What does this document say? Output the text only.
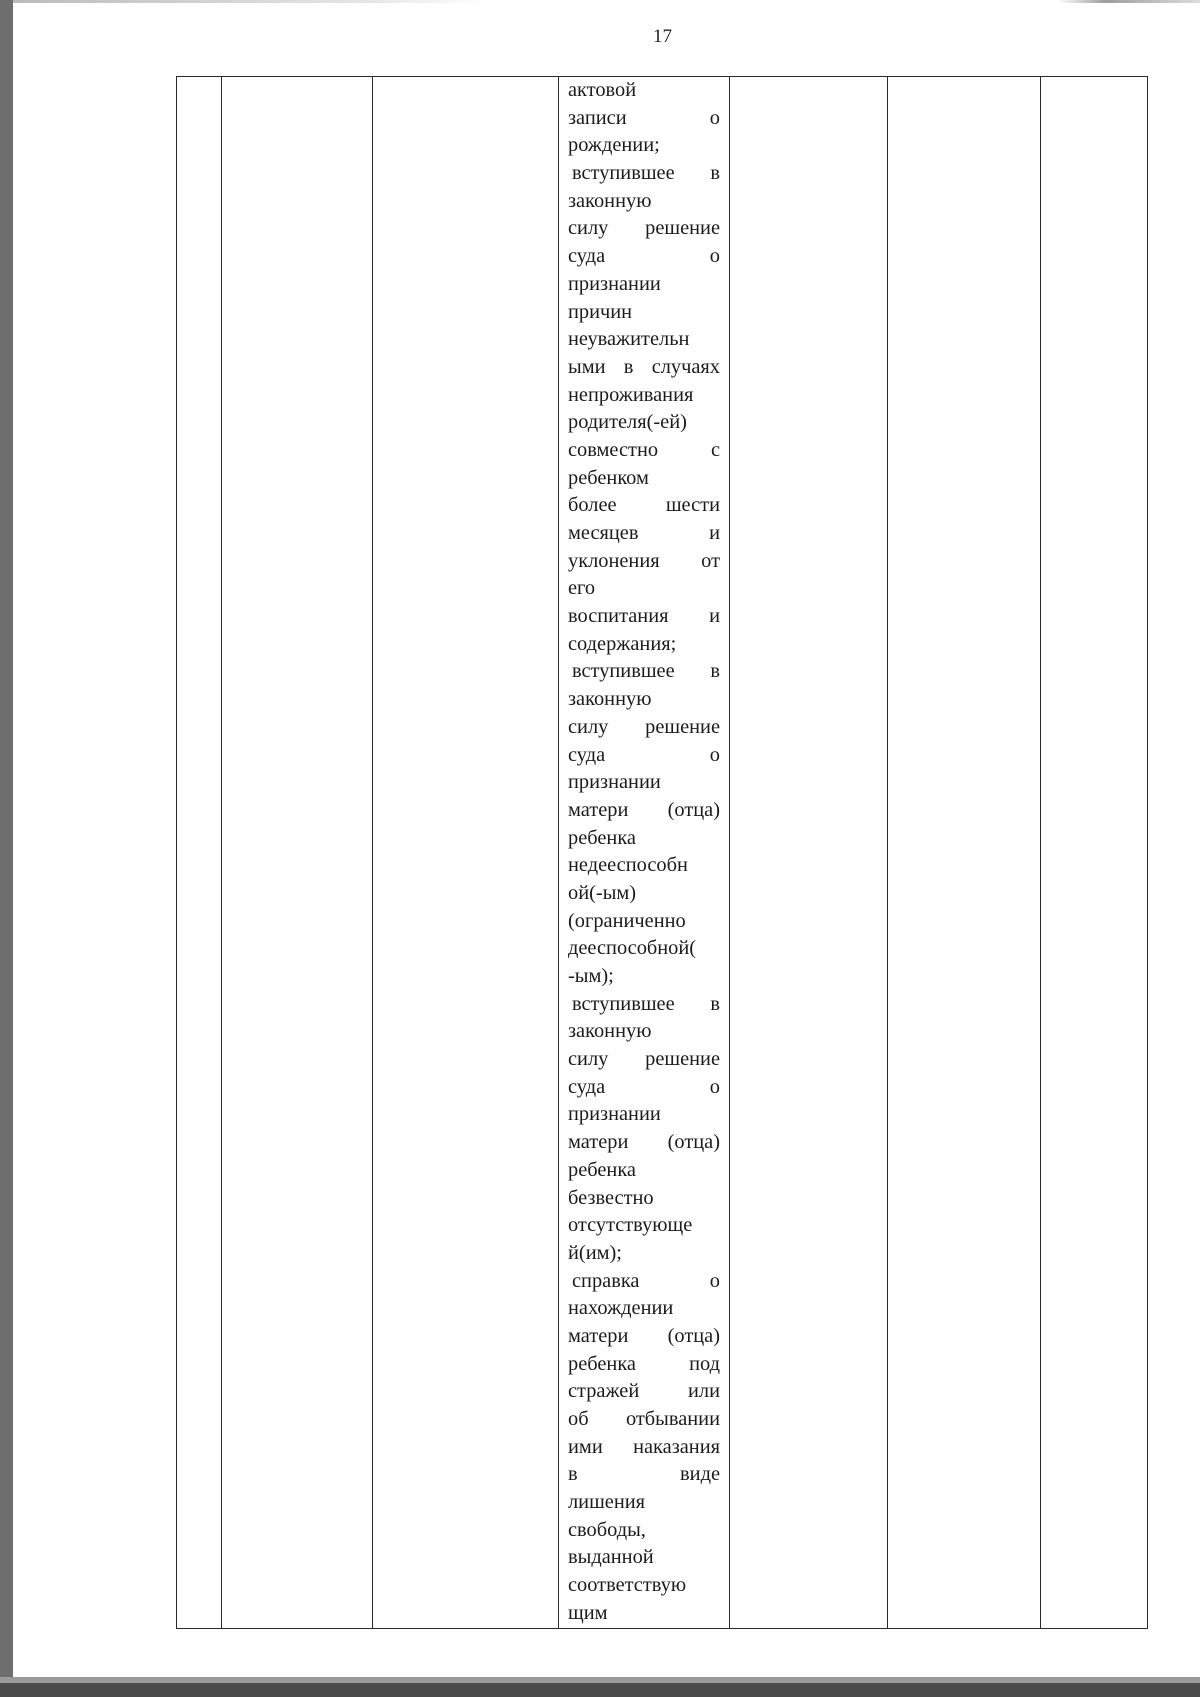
17

актовой
записи	о
рождении;
вступившее в
законную
силу решение
суда	о
признании
причин
неуважительн
ыми в случаях
непроживания
родителя(-ей)
совместно	с
ребенком
более шести
месяцев	и
уклонения от
его
воспитания и
содержания;
вступившее в
законную
силу решение
суда	о
признании
матери (отца)
ребенка
недееспособн
ой(-ым)
(ограниченно
дееспособной(
-ым);
вступившее в
законную
силу решение
суда	о
признании
матери (отца)
ребенка
безвестно
отсутствующе
й(им);
справка	о
нахождении
матери (отца)
ребенка	под
стражей или
об отбывании
ими наказания
в	виде
лишения
свободы,
выданной
соответствую
щим
